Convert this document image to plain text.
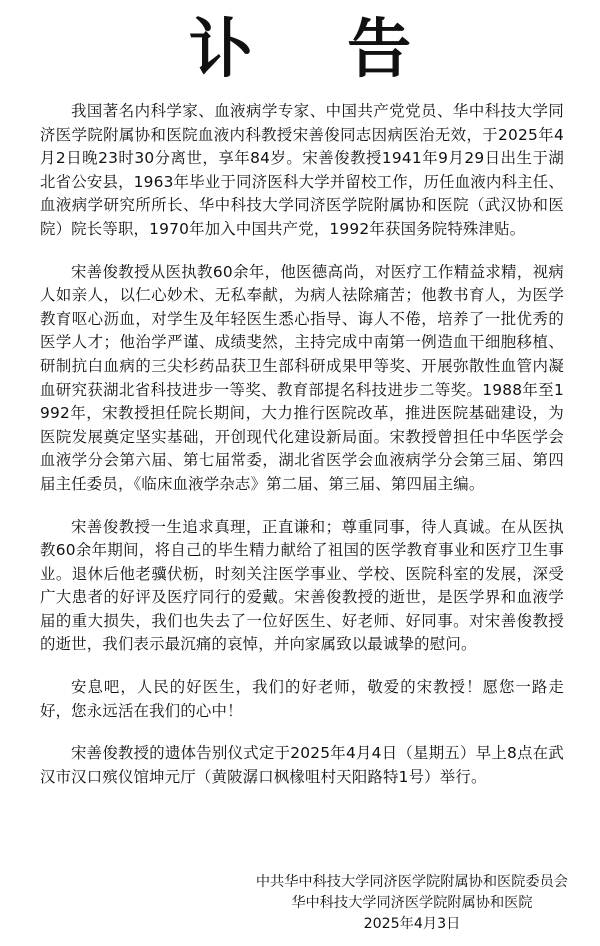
讣 告

我国著名内科学家、血液病学专家、中国共产党党员、华中科技大学同济医学院附属协和医院血液内科教授宋善俊同志因病医治无效，于2025年4月2日晚23时30分离世，享年84岁。宋善俊教授1941年9月29日出生于湖北省公安县，1963年毕业于同济医科大学并留校工作，历任血液内科主任、血液病学研究所所长、华中科技大学同济医学院附属协和医院（武汉协和医院）院长等职，1970年加入中国共产党，1992年获国务院特殊津贴。

宋善俊教授从医执教60余年，他医德高尚，对医疗工作精益求精，视病人如亲人，以仁心妙术、无私奉献，为病人祛除痛苦；他教书育人，为医学教育呕心沥血，对学生及年轻医生悉心指导、诲人不倦，培养了一批优秀的医学人才；他治学严谨、成绩斐然，主持完成中南第一例造血干细胞移植、研制抗白血病的三尖杉药品获卫生部科研成果甲等奖、开展弥散性血管内凝血研究获湖北省科技进步一等奖、教育部提名科技进步二等奖。1988年至1992年，宋教授担任院长期间，大力推行医院改革，推进医院基础建设，为医院发展奠定坚实基础，开创现代化建设新局面。宋教授曾担任中华医学会血液学分会第六届、第七届常委，湖北省医学会血液病学分会第三届、第四届主任委员，《临床血液学杂志》第二届、第三届、第四届主编。

宋善俊教授一生追求真理，正直谦和；尊重同事，待人真诚。在从医执教60余年期间，将自己的毕生精力献给了祖国的医学教育事业和医疗卫生事业。退休后他老骥伏枥，时刻关注医学事业、学校、医院科室的发展，深受广大患者的好评及医疗同行的爱戴。宋善俊教授的逝世，是医学界和血液学届的重大损失，我们也失去了一位好医生、好老师、好同事。对宋善俊教授的逝世，我们表示最沉痛的哀悼，并向家属致以最诚挚的慰问。

安息吧，人民的好医生，我们的好老师，敬爱的宋教授！愿您一路走好，您永远活在我们的心中！

宋善俊教授的遗体告别仪式定于2025年4月4日（星期五）早上8点在武汉市汉口殡仪馆坤元厅（黄陂潺口枫椽咀村天阳路特1号）举行。

中共华中科技大学同济医学院附属协和医院委员会
华中科技大学同济医学院附属协和医院
2025年4月3日
